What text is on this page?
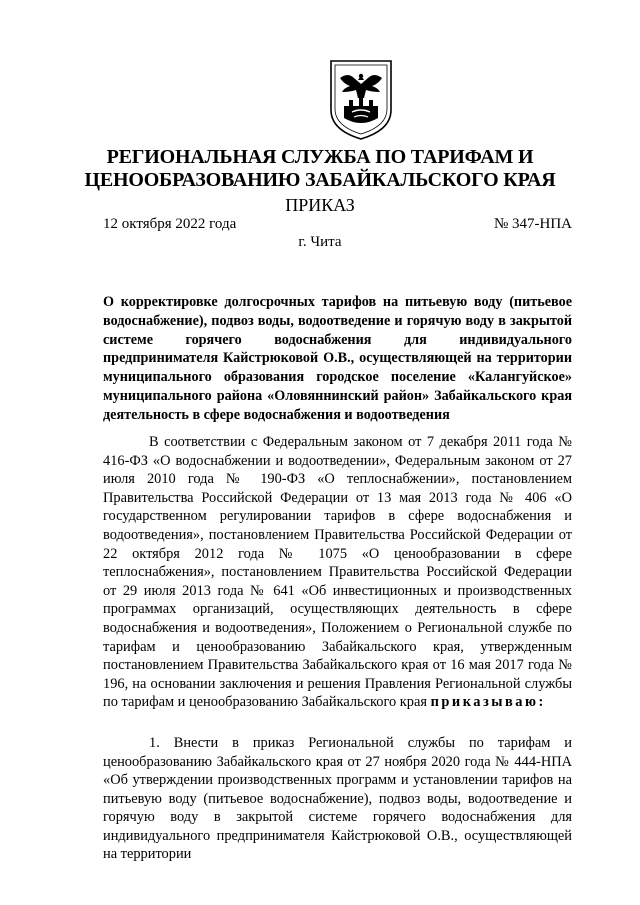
РЕГИОНАЛЬНАЯ СЛУЖБА ПО ТАРИФАМ И
ЦЕНООБРАЗОВАНИЮ ЗАБАЙКАЛЬСКОГО КРАЯ
ПРИКАЗ
12 октября 2022 года	№ 347-НПА
г. Чита
О корректировке долгосрочных тарифов на питьевую воду (питьевое водоснабжение), подвоз воды, водоотведение и горячую воду в закрытой системе горячего водоснабжения для индивидуального предпринимателя Кайстрюковой О.В., осуществляющей на территории муниципального образования городское поселение «Калангуйское» муниципального района «Оловяннинский район» Забайкальского края деятельность в сфере водоснабжения и водоотведения

В соответствии с Федеральным законом от 7 декабря 2011 года № 416-ФЗ «О водоснабжении и водоотведении», Федеральным законом от 27 июля 2010 года № 190-ФЗ «О теплоснабжении», постановлением Правительства Российской Федерации от 13 мая 2013 года № 406 «О государственном регулировании тарифов в сфере водоснабжения и водоотведения», постановлением Правительства Российской Федерации от 22 октября 2012 года № 1075 «О ценообразовании в сфере теплоснабжения», постановлением Правительства Российской Федерации от 29 июля 2013 года № 641 «Об инвестиционных и производственных программах организаций, осуществляющих деятельность в сфере водоснабжения и водоотведения», Положением о Региональной службе по тарифам и ценообразованию Забайкальского края, утвержденным постановлением Правительства Забайкальского края от 16 мая 2017 года № 196, на основании заключения и решения Правления Региональной службы по тарифам и ценообразованию Забайкальского края приказываю:

1. Внести в приказ Региональной службы по тарифам и ценообразованию Забайкальского края от 27 ноября 2020 года № 444-НПА «Об утверждении производственных программ и установлении тарифов на питьевую воду (питьевое водоснабжение), подвоз воды, водоотведение и горячую воду в закрытой системе горячего водоснабжения для индивидуального предпринимателя Кайстрюковой О.В., осуществляющей на территории
